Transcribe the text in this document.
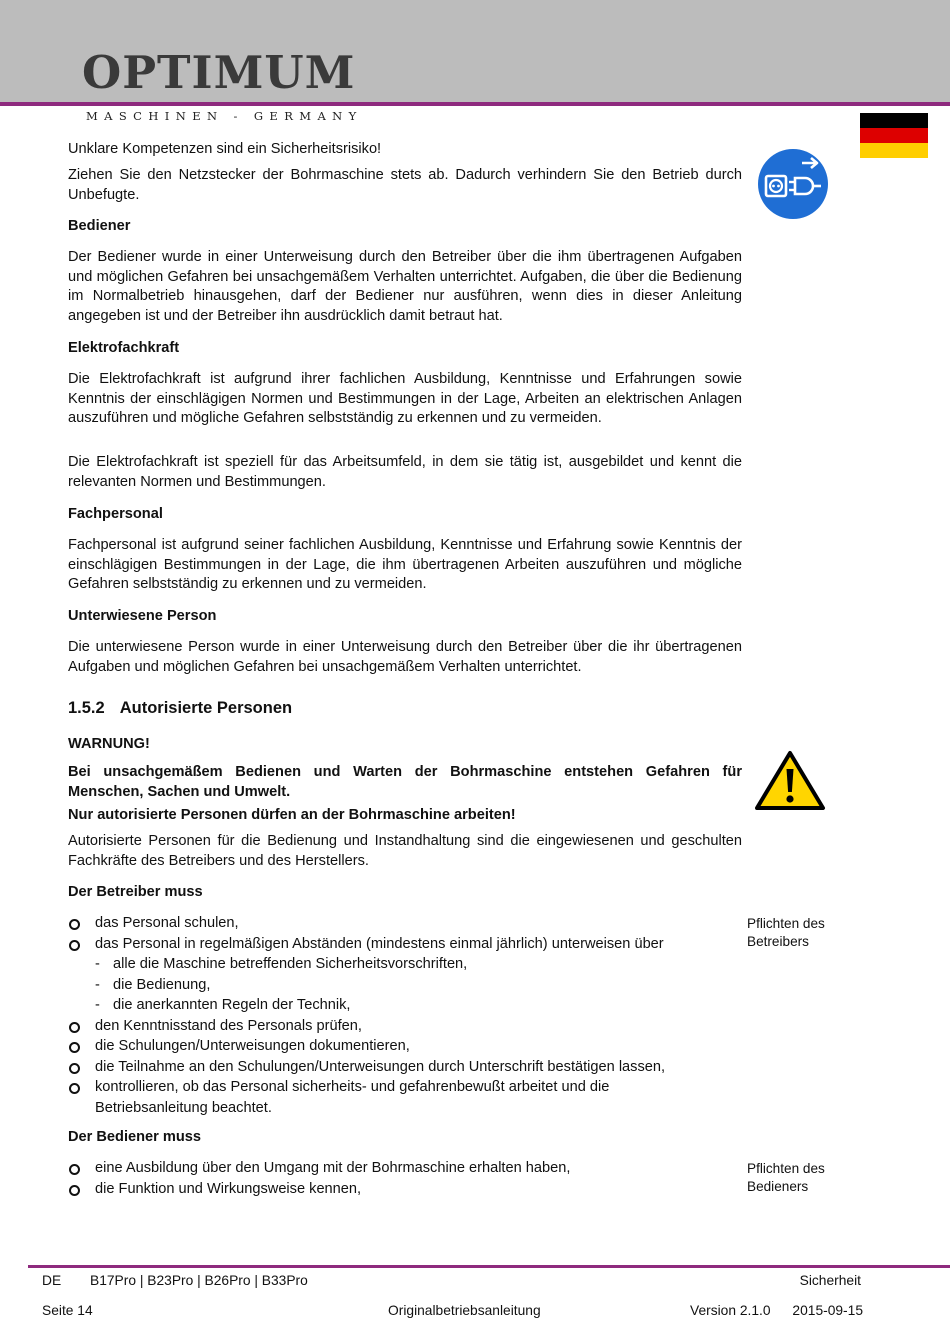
OPTIMUM
MASCHINEN - GERMANY

Unklare Kompetenzen sind ein Sicherheitsrisiko!

Ziehen Sie den Netzstecker der Bohrmaschine stets ab. Dadurch verhindern Sie den Betrieb durch Unbefugte.

Bediener

Der Bediener wurde in einer Unterweisung durch den Betreiber über die ihm übertragenen Aufgaben und möglichen Gefahren bei unsachgemäßem Verhalten unterrichtet. Aufgaben, die über die Bedienung im Normalbetrieb hinausgehen, darf der Bediener nur ausführen, wenn dies in dieser Anleitung angegeben ist und der Betreiber ihn ausdrücklich damit betraut hat.

Elektrofachkraft

Die Elektrofachkraft ist aufgrund ihrer fachlichen Ausbildung, Kenntnisse und Erfahrungen sowie Kenntnis der einschlägigen Normen und Bestimmungen in der Lage, Arbeiten an elektrischen Anlagen auszuführen und mögliche Gefahren selbstständig zu erkennen und zu vermeiden.

Die Elektrofachkraft ist speziell für das Arbeitsumfeld, in dem sie tätig ist, ausgebildet und kennt die relevanten Normen und Bestimmungen.

Fachpersonal

Fachpersonal ist aufgrund seiner fachlichen Ausbildung, Kenntnisse und Erfahrung sowie Kenntnis der einschlägigen Bestimmungen in der Lage, die ihm übertragenen Arbeiten auszuführen und mögliche Gefahren selbstständig zu erkennen und zu vermeiden.

Unterwiesene Person

Die unterwiesene Person wurde in einer Unterweisung durch den Betreiber über die ihr übertragenen Aufgaben und möglichen Gefahren bei unsachgemäßem Verhalten unterrichtet.

1.5.2 Autorisierte Personen

WARNUNG!

Bei unsachgemäßem Bedienen und Warten der Bohrmaschine entstehen Gefahren für Menschen, Sachen und Umwelt.

Nur autorisierte Personen dürfen an der Bohrmaschine arbeiten!

Autorisierte Personen für die Bedienung und Instandhaltung sind die eingewiesenen und geschulten Fachkräfte des Betreibers und des Herstellers.

Der Betreiber muss

das Personal schulen,
das Personal in regelmäßigen Abständen (mindestens einmal jährlich) unterweisen über
- alle die Maschine betreffenden Sicherheitsvorschriften,
- die Bedienung,
- die anerkannten Regeln der Technik,
den Kenntnisstand des Personals prüfen,
die Schulungen/Unterweisungen dokumentieren,
die Teilnahme an den Schulungen/Unterweisungen durch Unterschrift bestätigen lassen,
kontrollieren, ob das Personal sicherheits- und gefahrenbewußt arbeitet und die Betriebsanleitung beachtet.

Pflichten des Betreibers

Der Bediener muss

eine Ausbildung über den Umgang mit der Bohrmaschine erhalten haben,
die Funktion und Wirkungsweise kennen,

Pflichten des Bedieners

DE B17Pro | B23Pro | B26Pro | B33Pro	Sicherheit
Seite 14	Originalbetriebsanleitung	Version 2.1.0 2015-09-15
